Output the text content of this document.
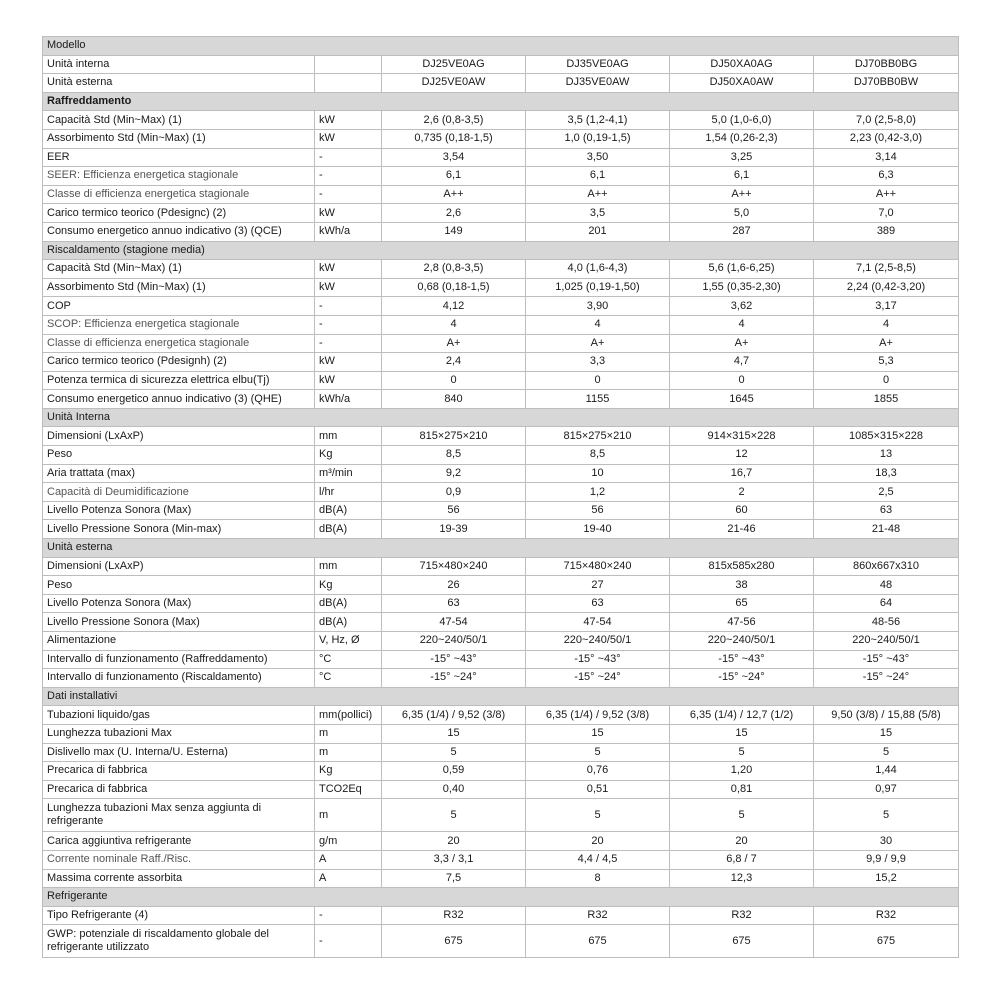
Modello					
Unità interna		DJ25VE0AG	DJ35VE0AG	DJ50XA0AG	DJ70BB0BG
Unità esterna		DJ25VE0AW	DJ35VE0AW	DJ50XA0AW	DJ70BB0BW
Raffreddamento					
Capacità Std (Min~Max) (1)	kW	2,6 (0,8-3,5)	3,5 (1,2-4,1)	5,0 (1,0-6,0)	7,0 (2,5-8,0)
Assorbimento Std (Min~Max) (1)	kW	0,735 (0,18-1,5)	1,0 (0,19-1,5)	1,54 (0,26-2,3)	2,23 (0,42-3,0)
EER	-	3,54	3,50	3,25	3,14
SEER: Efficienza energetica stagionale	-	6,1	6,1	6,1	6,3
Classe di efficienza energetica stagionale	-	A++	A++	A++	A++
Carico termico teorico (Pdesignc) (2)	kW	2,6	3,5	5,0	7,0
Consumo energetico annuo indicativo (3) (QCE)	kWh/a	149	201	287	389
Riscaldamento (stagione media)					
Capacità Std (Min~Max) (1)	kW	2,8 (0,8-3,5)	4,0 (1,6-4,3)	5,6 (1,6-6,25)	7,1 (2,5-8,5)
Assorbimento Std (Min~Max) (1)	kW	0,68 (0,18-1,5)	1,025 (0,19-1,50)	1,55 (0,35-2,30)	2,24 (0,42-3,20)
COP	-	4,12	3,90	3,62	3,17
SCOP: Efficienza energetica stagionale	-	4	4	4	4
Classe di efficienza energetica stagionale	-	A+	A+	A+	A+
Carico termico teorico (Pdesignh) (2)	kW	2,4	3,3	4,7	5,3
Potenza termica di sicurezza elettrica elbu(Tj)	kW	0	0	0	0
Consumo energetico annuo indicativo (3) (QHE)	kWh/a	840	1155	1645	1855
Unità Interna					
Dimensioni (LxAxP)	mm	815×275×210	815×275×210	914×315×228	1085×315×228
Peso	Kg	8,5	8,5	12	13
Aria trattata (max)	m³/min	9,2	10	16,7	18,3
Capacità di Deumidificazione	l/hr	0,9	1,2	2	2,5
Livello Potenza Sonora (Max)	dB(A)	56	56	60	63
Livello Pressione Sonora (Min-max)	dB(A)	19-39	19-40	21-46	21-48
Unità esterna					
Dimensioni (LxAxP)	mm	715×480×240	715×480×240	815x585x280	860x667x310
Peso	Kg	26	27	38	48
Livello Potenza Sonora (Max)	dB(A)	63	63	65	64
Livello Pressione Sonora (Max)	dB(A)	47-54	47-54	47-56	48-56
Alimentazione	V, Hz, Ø	220~240/50/1	220~240/50/1	220~240/50/1	220~240/50/1
Intervallo di funzionamento (Raffreddamento)	°C	-15° ~43°	-15° ~43°	-15° ~43°	-15° ~43°
Intervallo di funzionamento (Riscaldamento)	°C	-15° ~24°	-15° ~24°	-15° ~24°	-15° ~24°
Dati installativi					
Tubazioni liquido/gas	mm(pollici)	6,35 (1/4) / 9,52 (3/8)	6,35 (1/4) / 9,52 (3/8)	6,35 (1/4) / 12,7 (1/2)	9,50 (3/8) / 15,88 (5/8)
Lunghezza tubazioni Max	m	15	15	15	15
Dislivello max (U. Interna/U. Esterna)	m	5	5	5	5
Precarica di fabbrica	Kg	0,59	0,76	1,20	1,44
Precarica di fabbrica	TCO2Eq	0,40	0,51	0,81	0,97
Lunghezza tubazioni Max senza aggiunta di refrigerante	m	5	5	5	5
Carica aggiuntiva refrigerante	g/m	20	20	20	30
Corrente nominale Raff./Risc.	A	3,3 / 3,1	4,4 / 4,5	6,8 / 7	9,9 / 9,9
Massima corrente assorbita	A	7,5	8	12,3	15,2
Refrigerante					
Tipo Refrigerante (4)	-	R32	R32	R32	R32
GWP: potenziale di riscaldamento globale del refrigerante utilizzato	-	675	675	675	675
